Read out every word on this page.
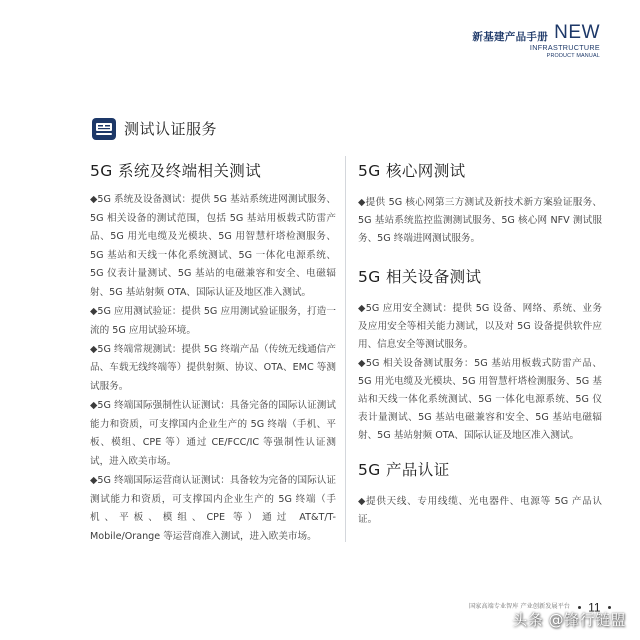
新基建产品手册 NEW
INFRASTRUCTURE
PRODUCT MANUAL
测试认证服务
5G 系统及终端相关测试

◆5G 系统及设备测试：提供 5G 基站系统进网测试服务、5G 相关设备的测试范围，包括 5G 基站用板载式防雷产品、5G 用光电缆及光模块、5G 用智慧杆塔检测服务、5G 基站和天线一体化系统测试、5G 一体化电源系统、5G 仪表计量测试、5G 基站的电磁兼容和安全、电磁辐射、5G 基站射频 OTA、国际认证及地区准入测试。

◆5G 应用测试验证：提供 5G 应用测试验证服务，打造一流的 5G 应用试验环境。

◆5G 终端常规测试：提供 5G 终端产品（传统无线通信产品、车载无线终端等）提供射频、协议、OTA、EMC 等测试服务。

◆5G 终端国际强制性认证测试：具备完备的国际认证测试能力和资质，可支撑国内企业生产的 5G 终端（手机、平板、模组、CPE 等）通过 CE/FCC/IC 等强制性认证测试，进入欧美市场。

◆5G 终端国际运营商认证测试：具备较为完备的国际认证测试能力和资质，可支撑国内企业生产的 5G 终端（手机、平板、模组、CPE 等）通过 AT&T/T-Mobile/Orange 等运营商准入测试，进入欧美市场。

5G 核心网测试

◆提供 5G 核心网第三方测试及新技术新方案验证服务、5G 基站系统监控监测测试服务、5G 核心网 NFV 测试服务、5G 终端进网测试服务。

5G 相关设备测试

◆5G 应用安全测试：提供 5G 设备、网络、系统、业务及应用安全等相关能力测试，以及对 5G 设备提供软件应用、信息安全等测试服务。

◆5G 相关设备测试服务：5G 基站用板载式防雷产品、5G 用光电缆及光模块、5G 用智慧杆塔检测服务、5G 基站和天线一体化系统测试、5G 一体化电源系统、5G 仪表计量测试、5G 基站电磁兼容和安全、5G 基站电磁辐射、5G 基站射频 OTA、国际认证及地区准入测试。

5G 产品认证

◆提供天线、专用线缆、光电器件、电源等 5G 产品认证。

国家高端专业智库 产业创新发展平台	11
头条 @锋行链盟
